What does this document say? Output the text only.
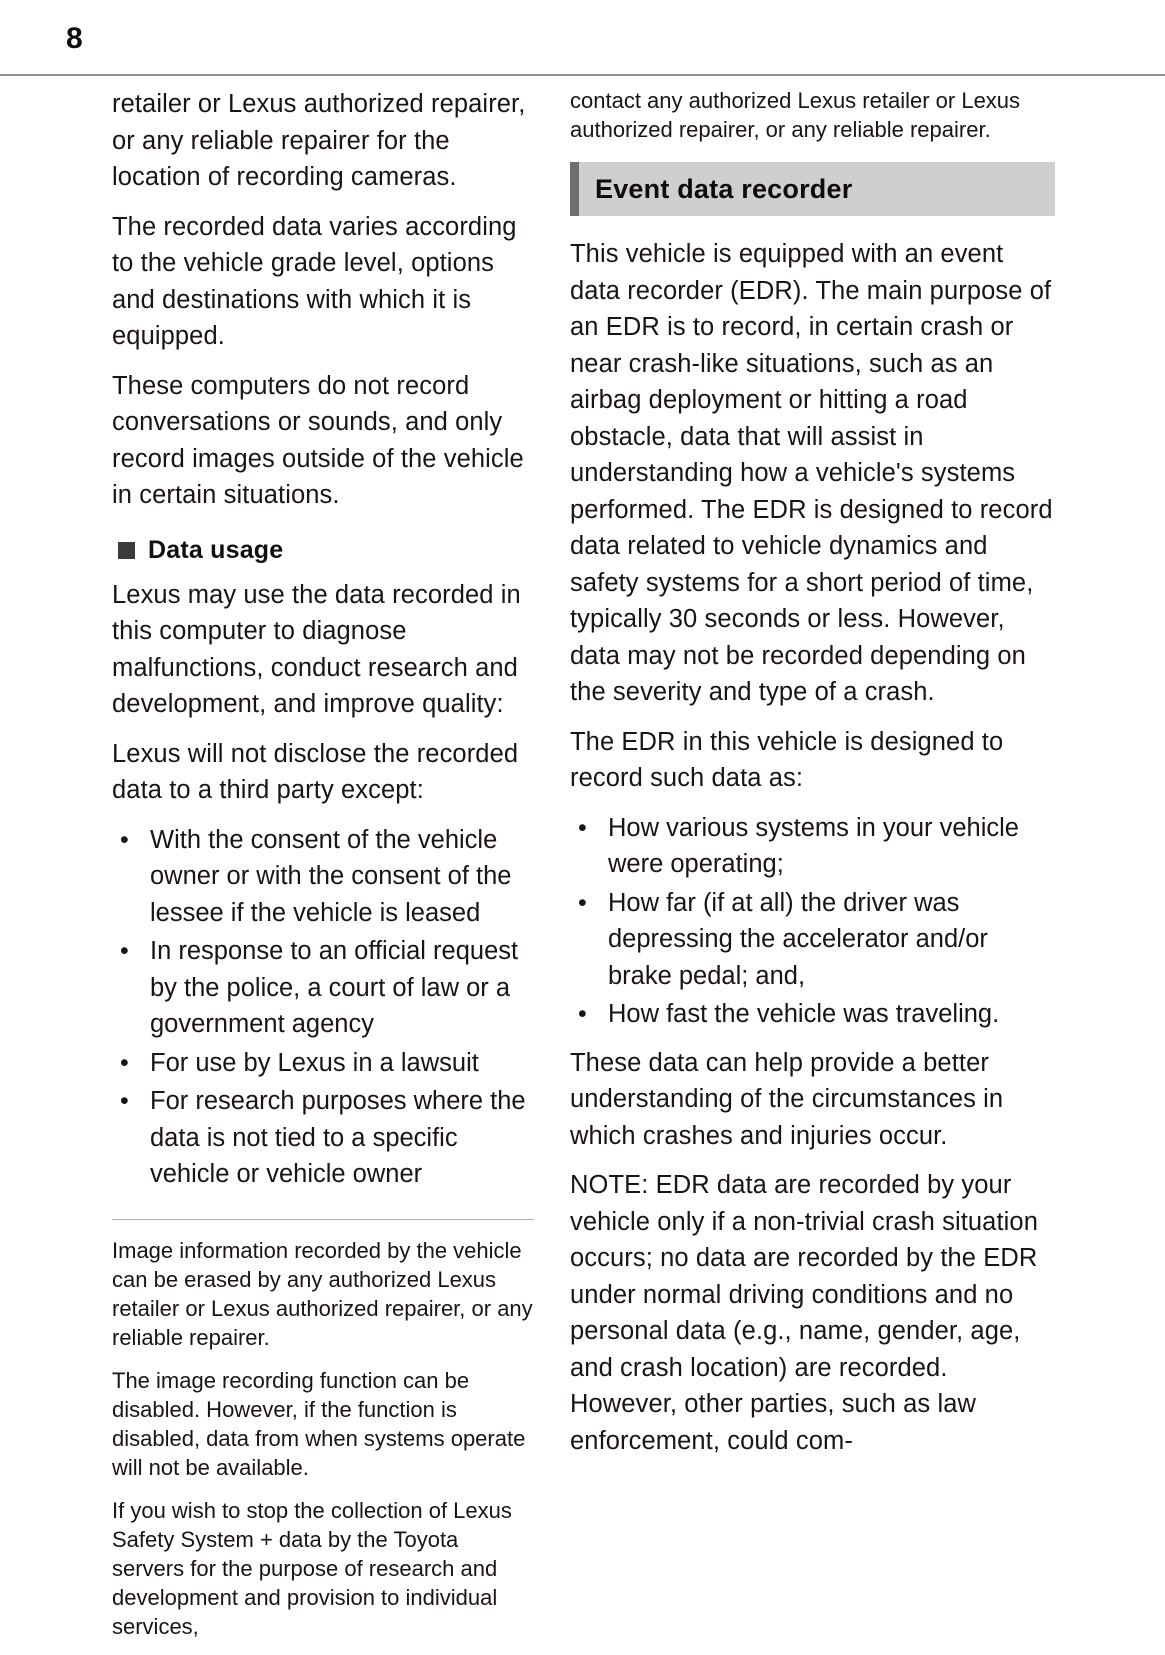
8

retailer or Lexus authorized repairer, or any reliable repairer for the location of recording cameras.

The recorded data varies according to the vehicle grade level, options and destinations with which it is equipped.

These computers do not record conversations or sounds, and only record images outside of the vehicle in certain situations.

Data usage

Lexus may use the data recorded in this computer to diagnose malfunctions, conduct research and development, and improve quality:

Lexus will not disclose the recorded data to a third party except:

• With the consent of the vehicle owner or with the consent of the lessee if the vehicle is leased
• In response to an official request by the police, a court of law or a government agency
• For use by Lexus in a lawsuit
• For research purposes where the data is not tied to a specific vehicle or vehicle owner

Image information recorded by the vehicle can be erased by any authorized Lexus retailer or Lexus authorized repairer, or any reliable repairer.

The image recording function can be disabled. However, if the function is disabled, data from when systems operate will not be available.

If you wish to stop the collection of Lexus Safety System + data by the Toyota servers for the purpose of research and development and provision to individual services,

contact any authorized Lexus retailer or Lexus authorized repairer, or any reliable repairer.

Event data recorder

This vehicle is equipped with an event data recorder (EDR). The main purpose of an EDR is to record, in certain crash or near crash-like situations, such as an airbag deployment or hitting a road obstacle, data that will assist in understanding how a vehicle's systems performed. The EDR is designed to record data related to vehicle dynamics and safety systems for a short period of time, typically 30 seconds or less. However, data may not be recorded depending on the severity and type of a crash.

The EDR in this vehicle is designed to record such data as:

• How various systems in your vehicle were operating;
• How far (if at all) the driver was depressing the accelerator and/or brake pedal; and,
• How fast the vehicle was traveling.

These data can help provide a better understanding of the circumstances in which crashes and injuries occur.

NOTE: EDR data are recorded by your vehicle only if a non-trivial crash situation occurs; no data are recorded by the EDR under normal driving conditions and no personal data (e.g., name, gender, age, and crash location) are recorded. However, other parties, such as law enforcement, could com-
